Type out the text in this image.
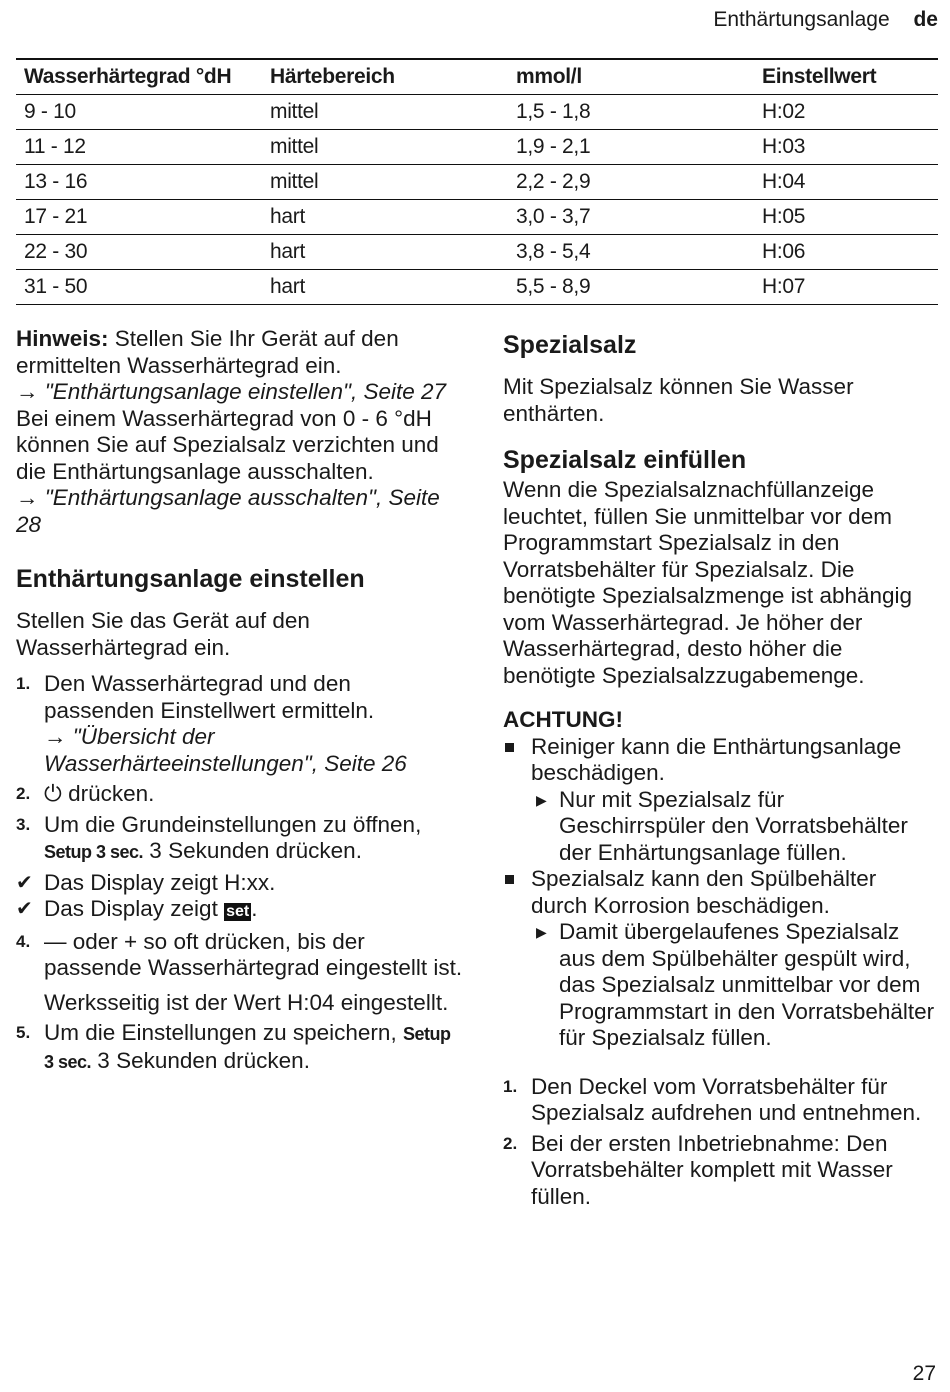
Enthärtungsanlage de
Wasserhärtegrad °dH	Härtebereich	mmol/l	Einstellwert
9 - 10	mittel	1,5 - 1,8	H:02
11 - 12	mittel	1,9 - 2,1	H:03
13 - 16	mittel	2,2 - 2,9	H:04
17 - 21	hart	3,0 - 3,7	H:05
22 - 30	hart	3,8 - 5,4	H:06
31 - 50	hart	5,5 - 8,9	H:07

Hinweis: Stellen Sie Ihr Gerät auf den ermittelten Wasserhärtegrad ein.

→ "Enthärtungsanlage einstellen", Seite 27

Bei einem Wasserhärtegrad von 0 - 6 °dH können Sie auf Spezialsalz verzichten und die Enthärtungsanlage ausschalten.

→ "Enthärtungsanlage ausschalten", Seite 28

Enthärtungsanlage einstellen

Stellen Sie das Gerät auf den Wasserhärtegrad ein.

1. Den Wasserhärtegrad und den passenden Einstellwert ermitteln.
→ "Übersicht der Wasserhärteeinstellungen", Seite 26
2. ⏻ drücken.
3. Um die Grundeinstellungen zu öffnen, Setup 3 sec. 3 Sekunden drücken.
✔ Das Display zeigt H:xx.
✔ Das Display zeigt set.
4. — oder + so oft drücken, bis der passende Wasserhärtegrad eingestellt ist.

Werksseitig ist der Wert H:04 eingestellt.

5. Um die Einstellungen zu speichern, Setup 3 sec. 3 Sekunden drücken.
Spezialsalz

Mit Spezialsalz können Sie Wasser enthärten.

Spezialsalz einfüllen

Wenn die Spezialsalznachfüllanzeige leuchtet, füllen Sie unmittelbar vor dem Programmstart Spezialsalz in den Vorratsbehälter für Spezialsalz. Die benötigte Spezialsalzmenge ist abhängig vom Wasserhärtegrad. Je höher der Wasserhärtegrad, desto höher die benötigte Spezialsalzzugabemenge.

ACHTUNG!

Reiniger kann die Enthärtungsanlage beschädigen.
▶ Nur mit Spezialsalz für Geschirrspüler den Vorratsbehälter der Enhärtungsanlage füllen.
Spezialsalz kann den Spülbehälter durch Korrosion beschädigen.
▶ Damit übergelaufenes Spezialsalz aus dem Spülbehälter gespült wird, das Spezialsalz unmittelbar vor dem Programmstart in den Vorratsbehälter für Spezialsalz füllen.
1. Den Deckel vom Vorratsbehälter für Spezialsalz aufdrehen und entnehmen.
2. Bei der ersten Inbetriebnahme: Den Vorratsbehälter komplett mit Wasser füllen.
27
